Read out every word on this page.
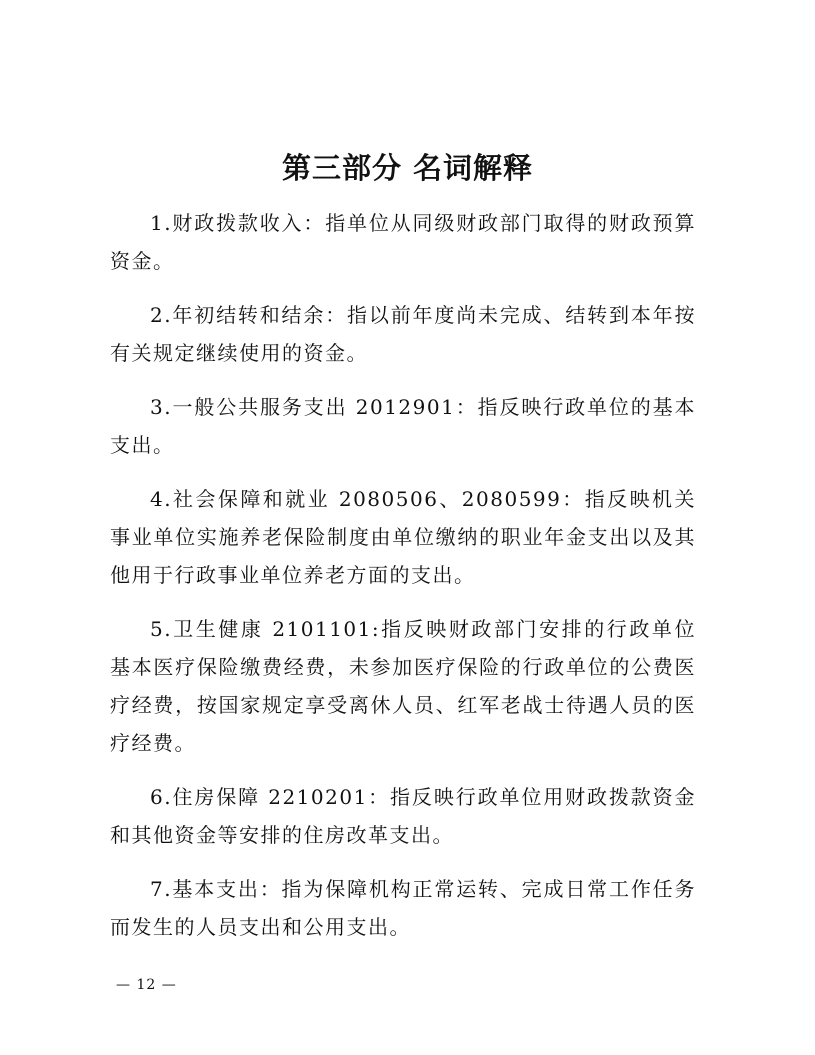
第三部分 名词解释

1.财政拨款收入：指单位从同级财政部门取得的财政预算资金。

2.年初结转和结余：指以前年度尚未完成、结转到本年按有关规定继续使用的资金。

3.一般公共服务支出 2012901：指反映行政单位的基本支出。

4.社会保障和就业 2080506、2080599：指反映机关事业单位实施养老保险制度由单位缴纳的职业年金支出以及其他用于行政事业单位养老方面的支出。

5.卫生健康 2101101:指反映财政部门安排的行政单位基本医疗保险缴费经费，未参加医疗保险的行政单位的公费医疗经费，按国家规定享受离休人员、红军老战士待遇人员的医疗经费。

6.住房保障 2210201：指反映行政单位用财政拨款资金和其他资金等安排的住房改革支出。

7.基本支出：指为保障机构正常运转、完成日常工作任务而发生的人员支出和公用支出。

— 12 —
